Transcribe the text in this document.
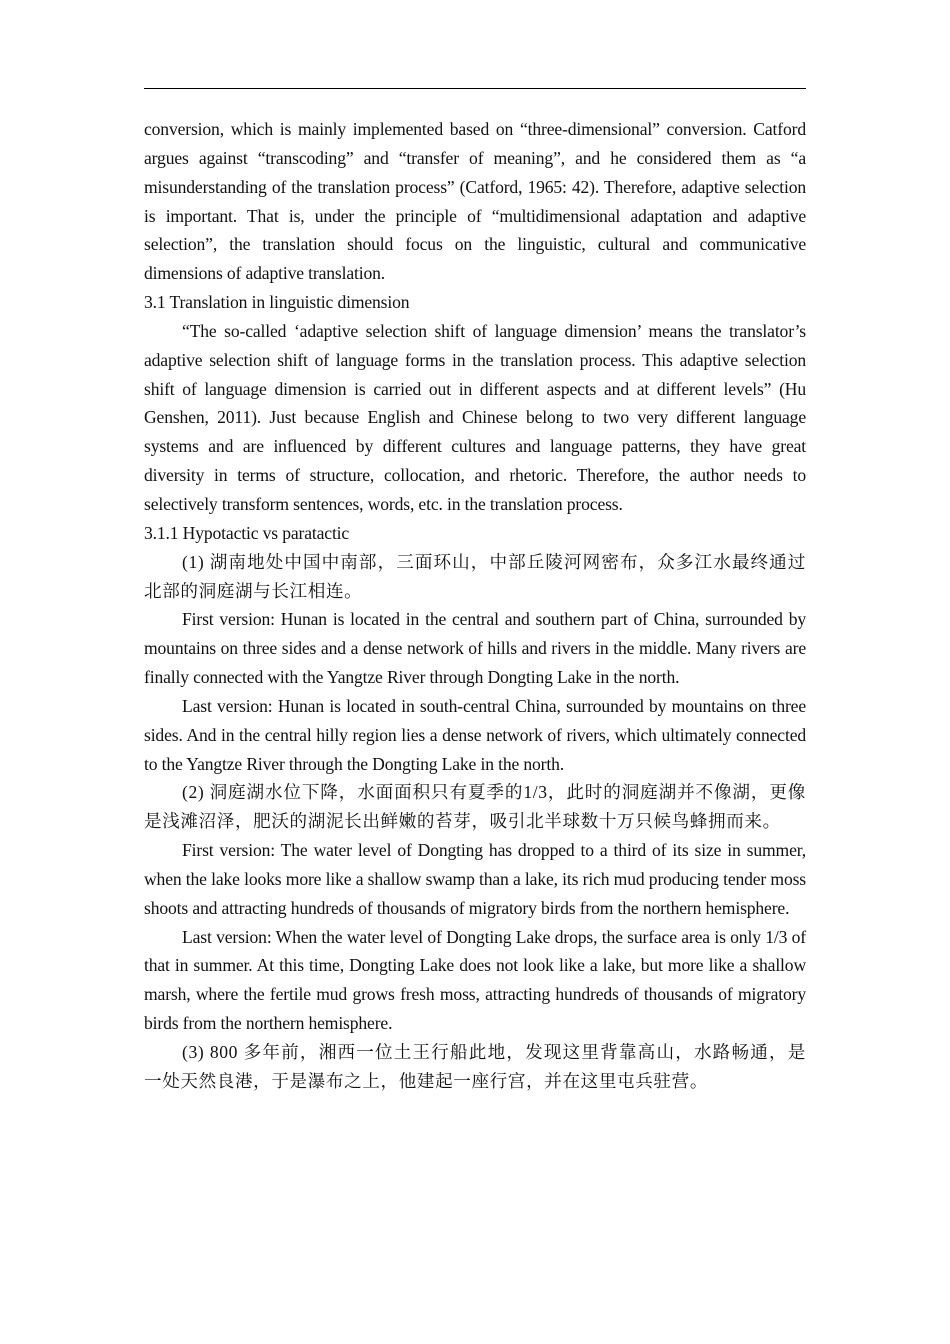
conversion, which is mainly implemented based on “three-dimensional” conversion. Catford argues against “transcoding” and “transfer of meaning”, and he considered them as “a misunderstanding of the translation process” (Catford, 1965: 42). Therefore, adaptive selection is important. That is, under the principle of “multidimensional adaptation and adaptive selection”, the translation should focus on the linguistic, cultural and communicative dimensions of adaptive translation.

3.1 Translation in linguistic dimension

“The so-called ‘adaptive selection shift of language dimension’ means the translator’s adaptive selection shift of language forms in the translation process. This adaptive selection shift of language dimension is carried out in different aspects and at different levels” (Hu Genshen, 2011). Just because English and Chinese belong to two very different language systems and are influenced by different cultures and language patterns, they have great diversity in terms of structure, collocation, and rhetoric. Therefore, the author needs to selectively transform sentences, words, etc. in the translation process.

3.1.1 Hypotactic vs paratactic

(1) 湖南地处中国中南部，三面环山，中部丘陵河网密布，众多江水最终通过北部的洞庭湖与长江相连。

First version: Hunan is located in the central and southern part of China, surrounded by mountains on three sides and a dense network of hills and rivers in the middle. Many rivers are finally connected with the Yangtze River through Dongting Lake in the north.

Last version: Hunan is located in south-central China, surrounded by mountains on three sides. And in the central hilly region lies a dense network of rivers, which ultimately connected to the Yangtze River through the Dongting Lake in the north.

(2) 洞庭湖水位下降，水面面积只有夏季的1/3，此时的洞庭湖并不像湖，更像是浅滩沼泽，肥沃的湖泥长出鲜嫩的苔芽，吸引北半球数十万只候鸟蜂拥而来。

First version: The water level of Dongting has dropped to a third of its size in summer, when the lake looks more like a shallow swamp than a lake, its rich mud producing tender moss shoots and attracting hundreds of thousands of migratory birds from the northern hemisphere.

Last version: When the water level of Dongting Lake drops, the surface area is only 1/3 of that in summer. At this time, Dongting Lake does not look like a lake, but more like a shallow marsh, where the fertile mud grows fresh moss, attracting hundreds of thousands of migratory birds from the northern hemisphere.

(3) 800 多年前，湘西一位土王行船此地，发现这里背靠高山，水路畅通，是一处天然良港，于是瀑布之上，他建起一座行宫，并在这里屯兵驻营。
